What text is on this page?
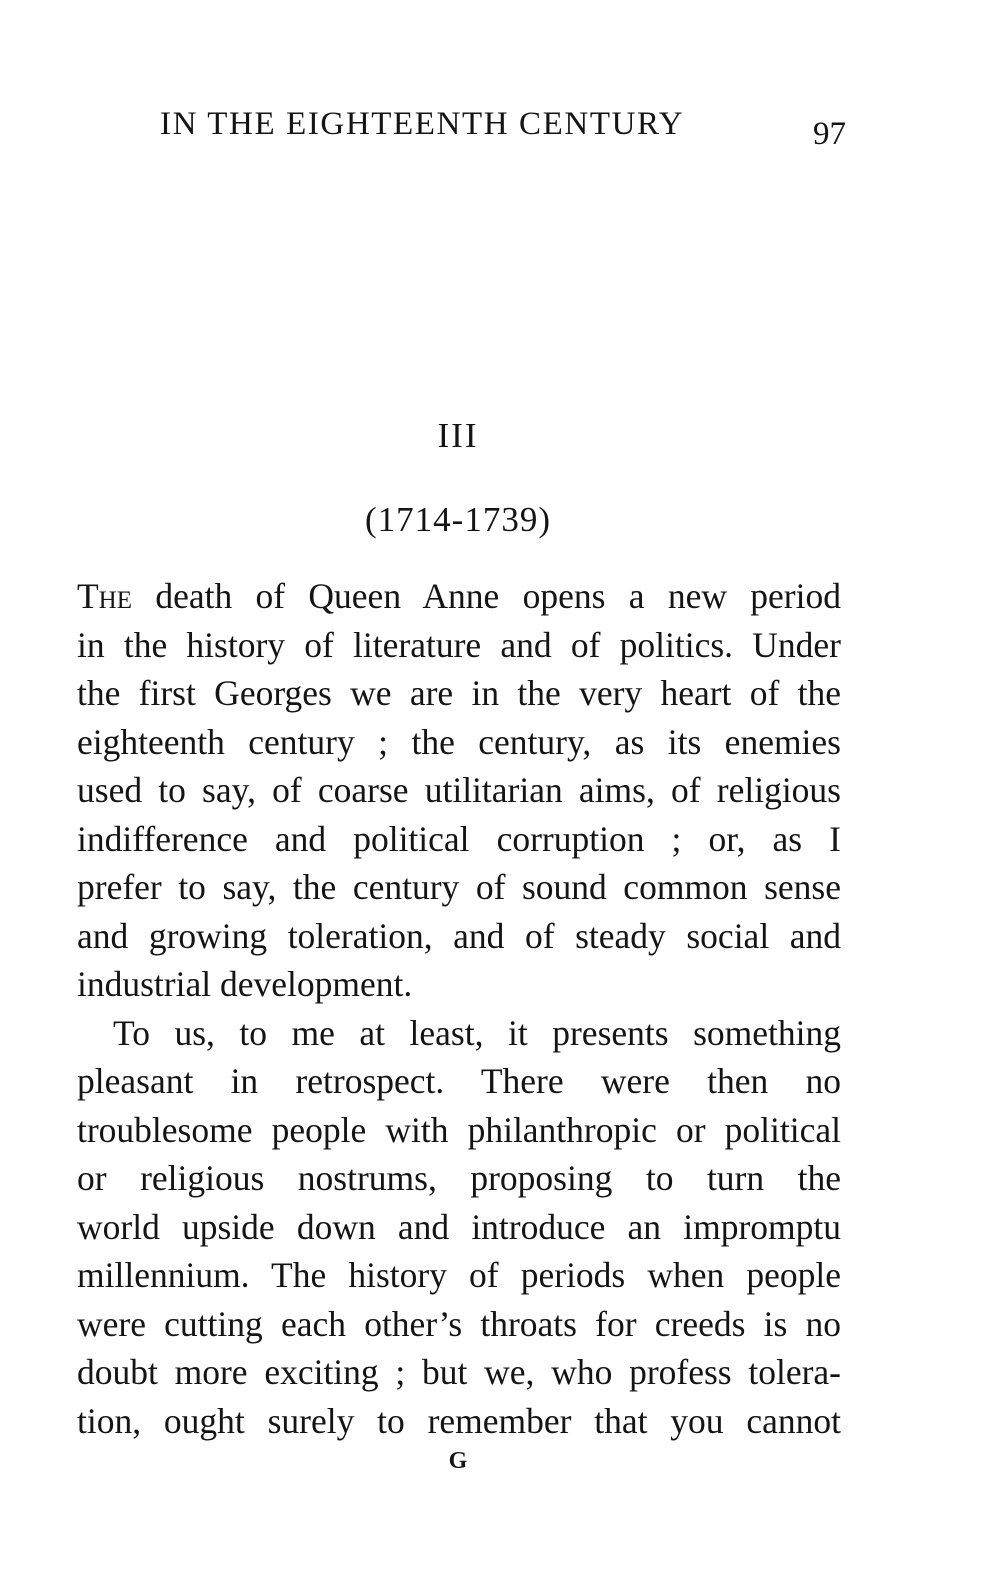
IN THE EIGHTEENTH CENTURY	97
III
(1714-1739)
The death of Queen Anne opens a new period
in the history of literature and of politics. Under
the first Georges we are in the very heart of the
eighteenth century ; the century, as its enemies
used to say, of coarse utilitarian aims, of religious
indifference and political corruption ; or, as I
prefer to say, the century of sound common sense
and growing toleration, and of steady social and
industrial development.
To us, to me at least, it presents something
pleasant in retrospect. There were then no
troublesome people with philanthropic or political
or religious nostrums, proposing to turn the
world upside down and introduce an impromptu
millennium. The history of periods when people
were cutting each other’s throats for creeds is no
doubt more exciting ; but we, who profess tolera-
tion, ought surely to remember that you cannot
G
